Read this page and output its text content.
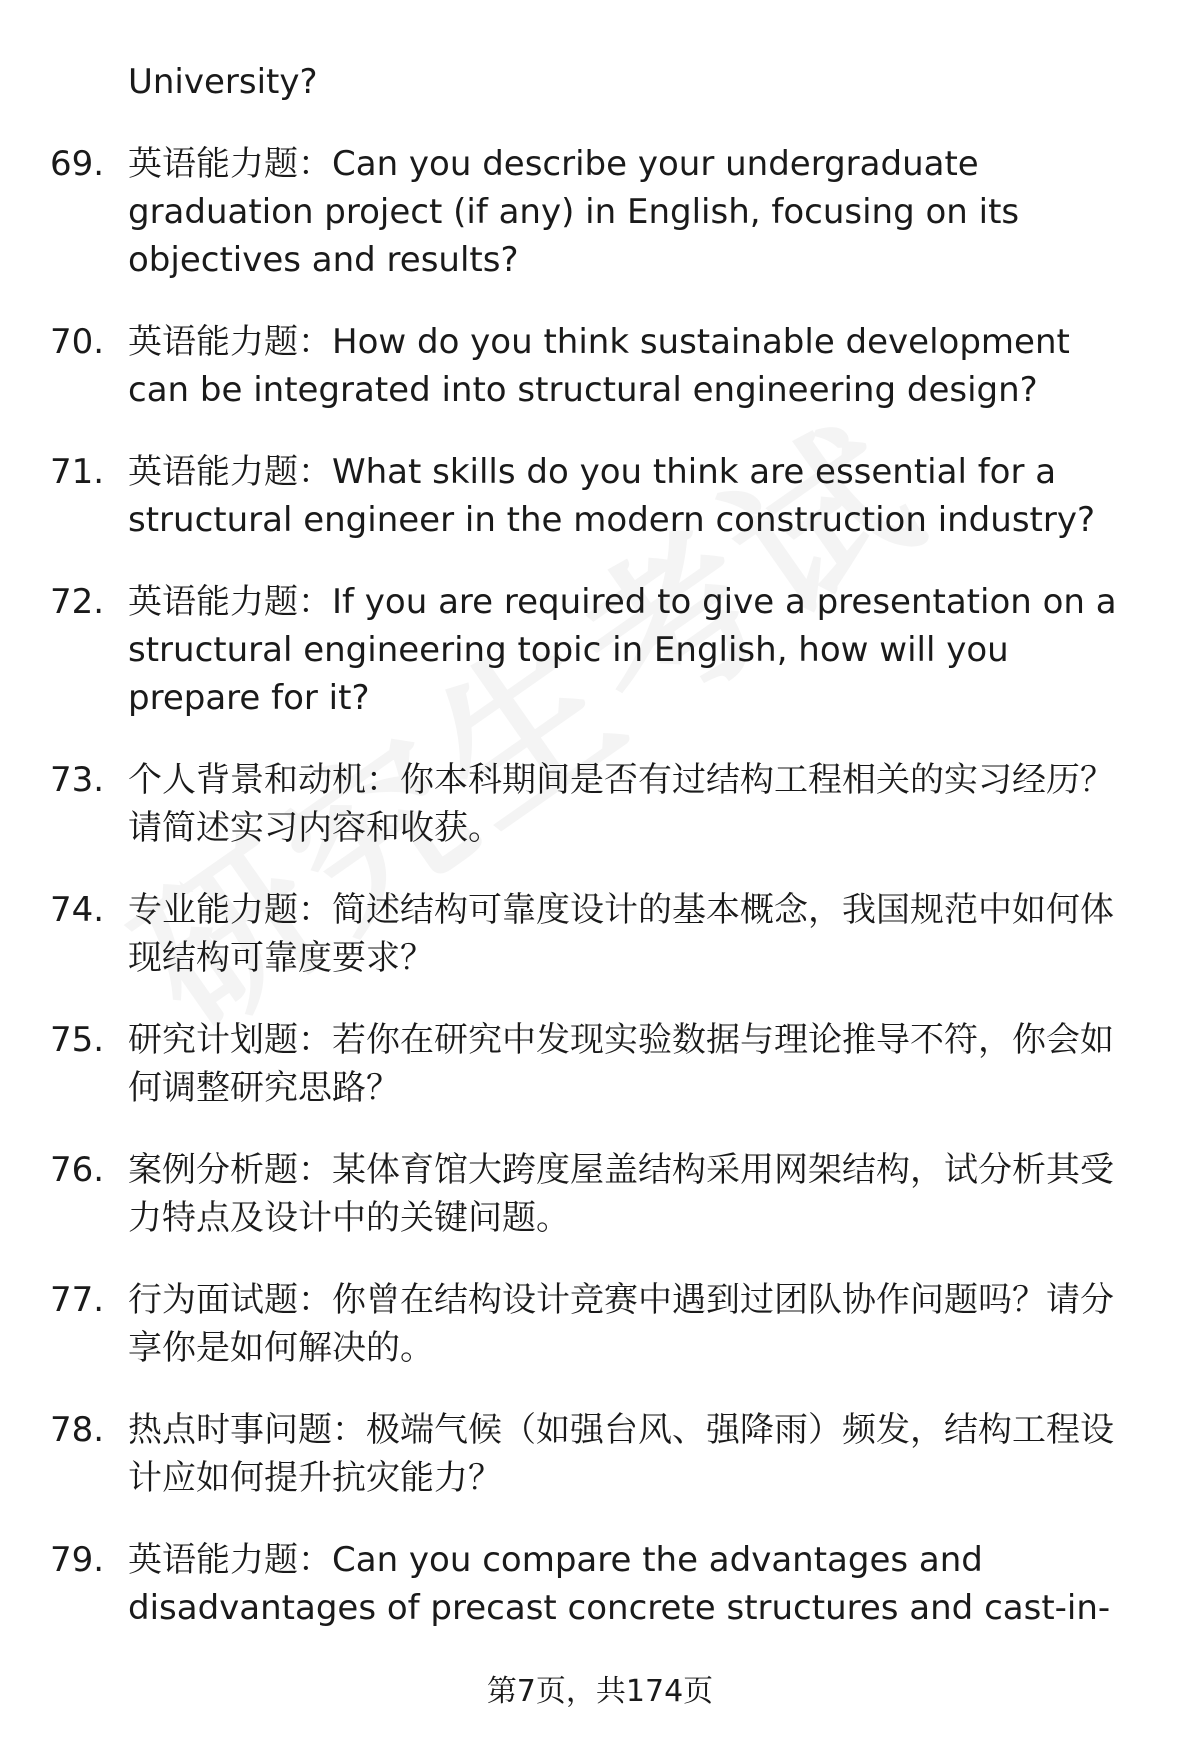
University?

69. 英语能力题：Can you describe your undergraduate graduation project (if any) in English, focusing on its objectives and results?
70. 英语能力题：How do you think sustainable development can be integrated into structural engineering design?
71. 英语能力题：What skills do you think are essential for a structural engineer in the modern construction industry?
72. 英语能力题：If you are required to give a presentation on a structural engineering topic in English, how will you prepare for it?
73. 个人背景和动机：你本科期间是否有过结构工程相关的实习经历？请简述实习内容和收获。
74. 专业能力题：简述结构可靠度设计的基本概念，我国规范中如何体现结构可靠度要求？
75. 研究计划题：若你在研究中发现实验数据与理论推导不符，你会如何调整研究思路？
76. 案例分析题：某体育馆大跨度屋盖结构采用网架结构，试分析其受力特点及设计中的关键问题。
77. 行为面试题：你曾在结构设计竞赛中遇到过团队协作问题吗？请分享你是如何解决的。
78. 热点时事问题：极端气候（如强台风、强降雨）频发，结构工程设计应如何提升抗灾能力？
79. 英语能力题：Can you compare the advantages and disadvantages of precast concrete structures and cast-in-
第7页，共174页
